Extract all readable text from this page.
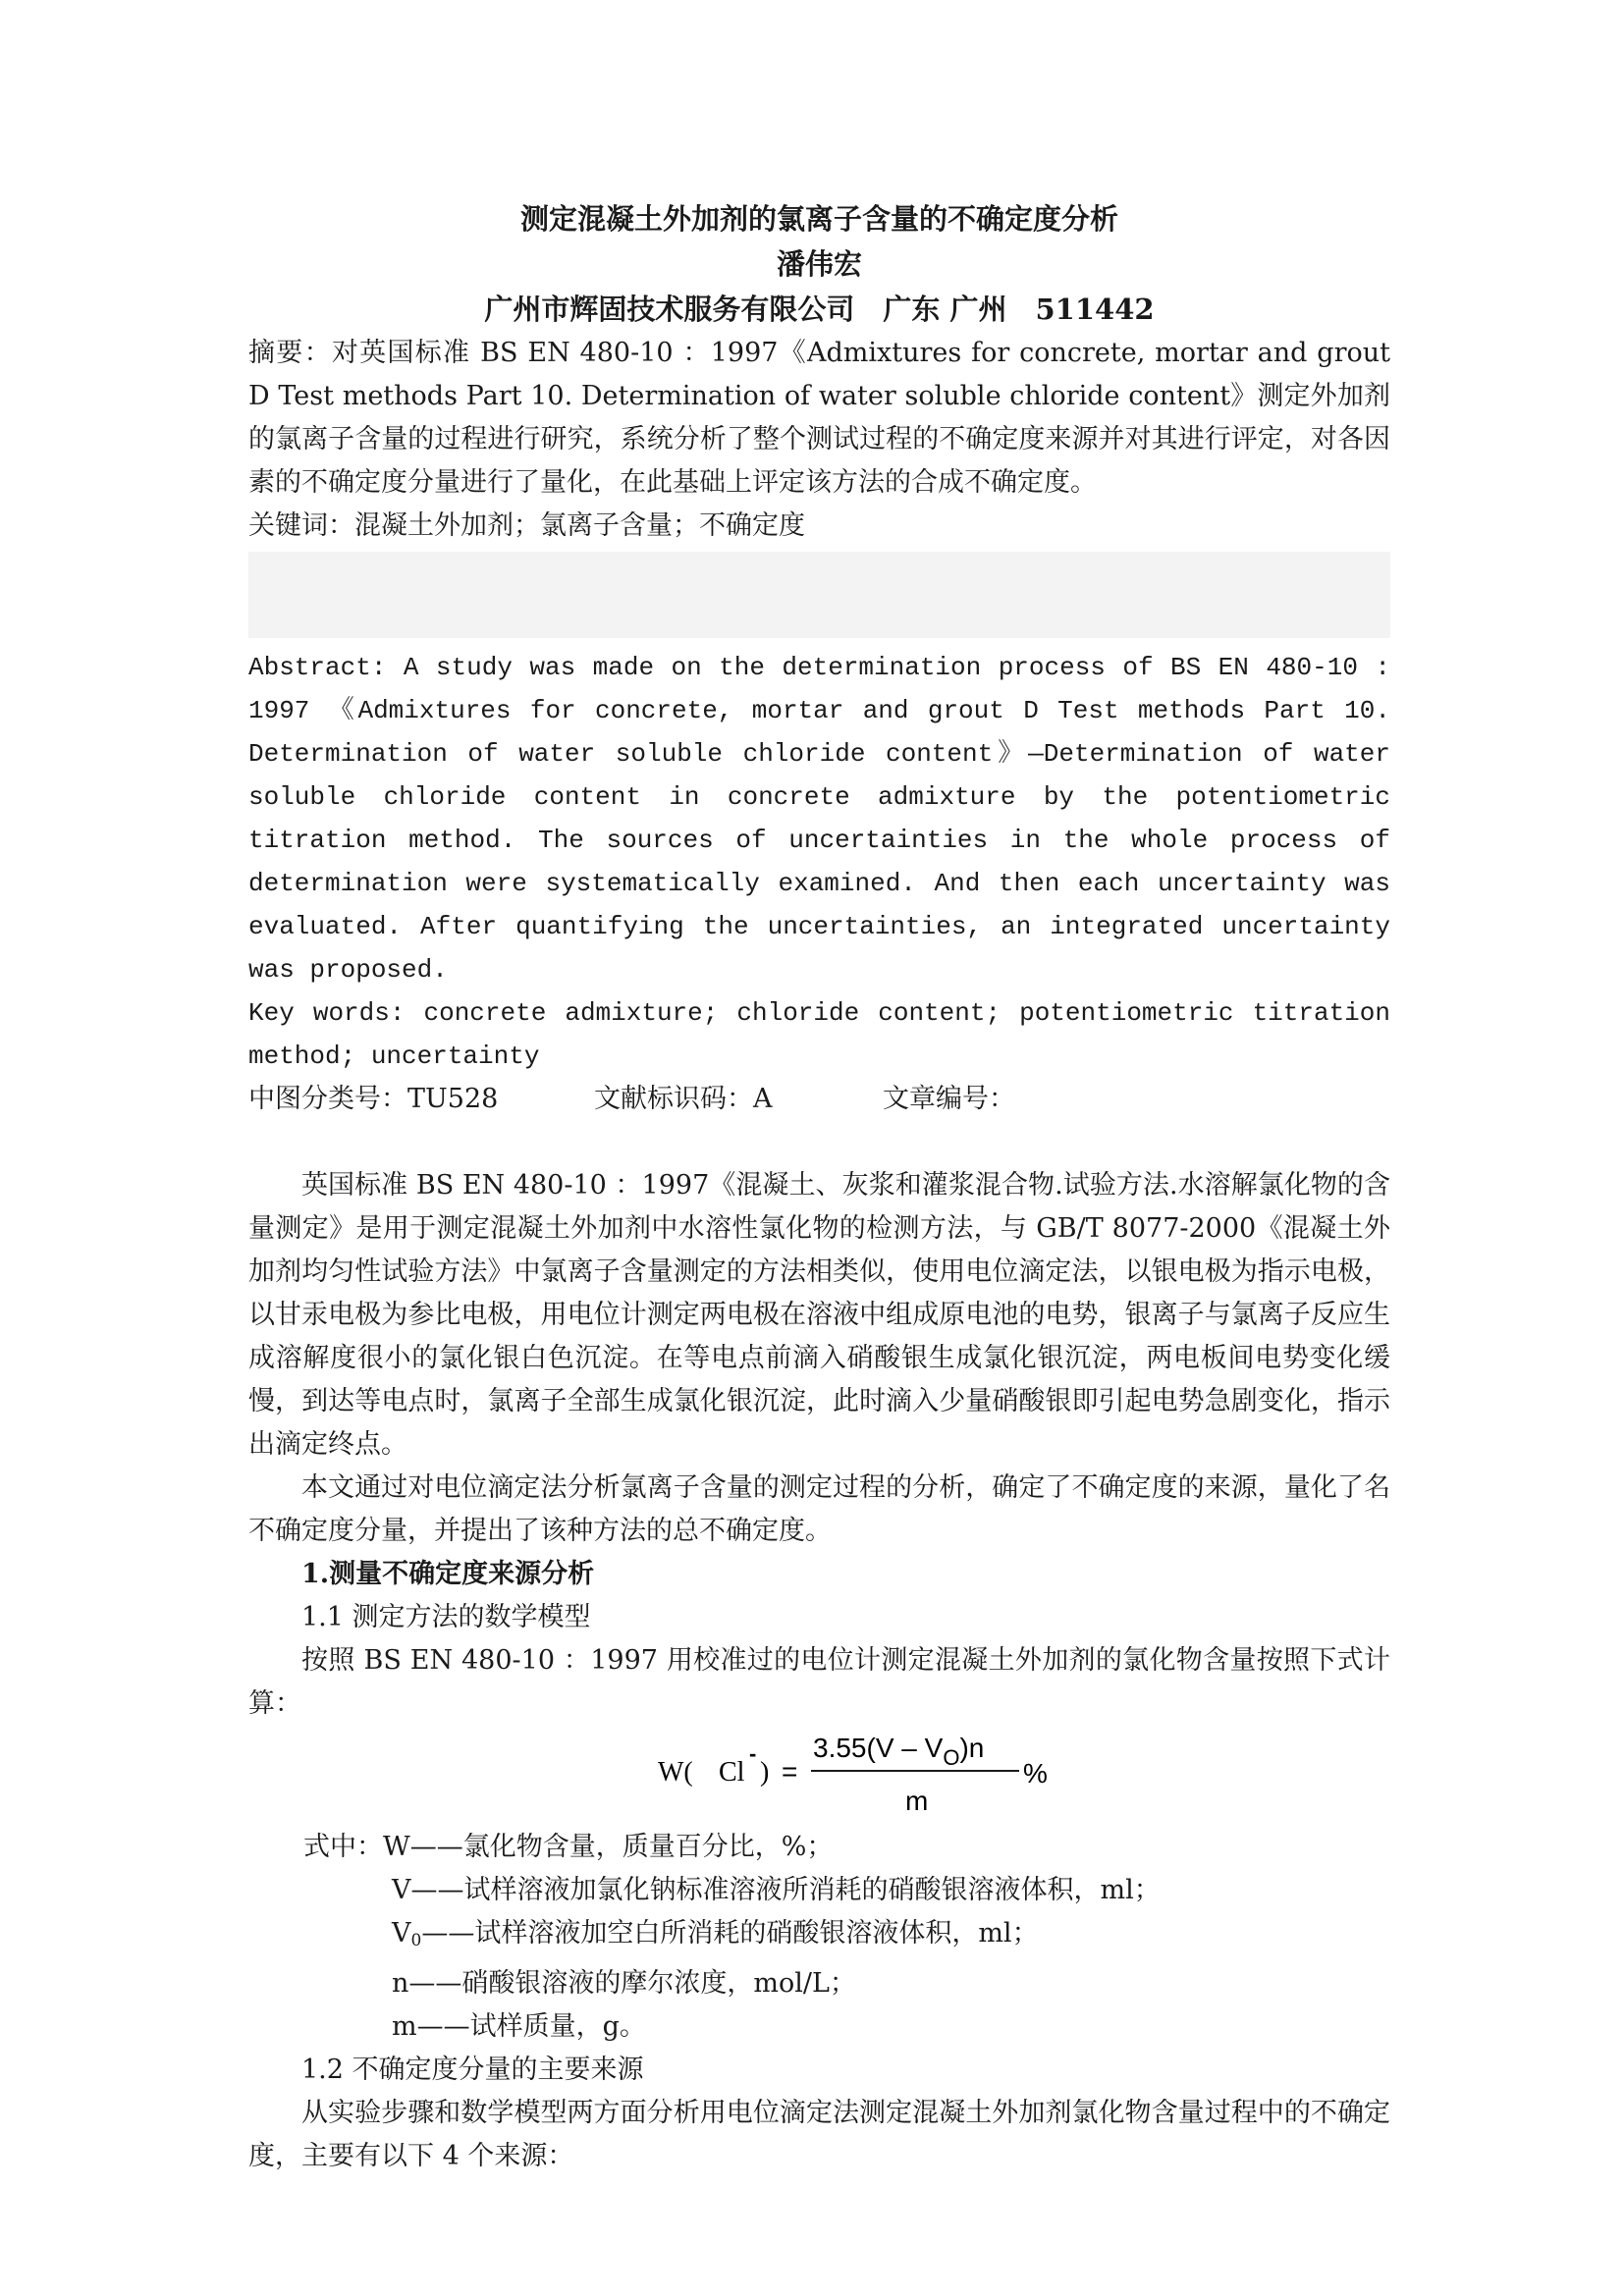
测定混凝土外加剂的氯离子含量的不确定度分析
潘伟宏
广州市辉固技术服务有限公司　广东 广州　511442

摘要：对英国标准 BS EN 480-10 ：1997《Admixtures for concrete, mortar and grout D Test methods Part 10. Determination of water soluble chloride content》测定外加剂的氯离子含量的过程进行研究，系统分析了整个测试过程的不确定度来源并对其进行评定，对各因素的不确定度分量进行了量化，在此基础上评定该方法的合成不确定度。

关键词：混凝土外加剂；氯离子含量；不确定度

Abstract: A study was made on the determination process of BS EN 480-10 : 1997 《Admixtures for concrete, mortar and grout D Test methods Part 10. Determination of water soluble chloride content》—Determination of water soluble chloride content in concrete admixture by the potentiometric titration method. The sources of uncertainties in the whole process of determination were systematically examined. And then each uncertainty was evaluated. After quantifying the uncertainties, an integrated uncertainty was proposed.

Key words: concrete admixture; chloride content; potentiometric titration method; uncertainty

中图分类号：TU528	文献标识码：A	文章编号：

英国标准 BS EN 480-10 ：1997《混凝土、灰浆和灌浆混合物.试验方法.水溶解氯化物的含量测定》是用于测定混凝土外加剂中水溶性氯化物的检测方法，与 GB/T 8077-2000《混凝土外加剂均匀性试验方法》中氯离子含量测定的方法相类似，使用电位滴定法，以银电极为指示电极，以甘汞电极为参比电极，用电位计测定两电极在溶液中组成原电池的电势，银离子与氯离子反应生成溶解度很小的氯化银白色沉淀。在等电点前滴入硝酸银生成氯化银沉淀，两电板间电势变化缓慢，到达等电点时，氯离子全部生成氯化银沉淀，此时滴入少量硝酸银即引起电势急剧变化，指示出滴定终点。

本文通过对电位滴定法分析氯离子含量的测定过程的分析，确定了不确定度的来源，量化了名不确定度分量，并提出了该种方法的总不确定度。

1.测量不确定度来源分析
1.1 测定方法的数学模型

按照 BS EN 480-10 ：1997 用校准过的电位计测定混凝土外加剂的氯化物含量按照下式计算：

W( Cl
-
) =
$3.55(V - V_O)n$
m
%
式中：W——氯化物含量，质量百分比，%；
V——试样溶液加氯化钠标准溶液所消耗的硝酸银溶液体积，ml；
V0——试样溶液加空白所消耗的硝酸银溶液体积，ml；
n——硝酸银溶液的摩尔浓度，mol/L；
m——试样质量，g。
1.2 不确定度分量的主要来源

从实验步骤和数学模型两方面分析用电位滴定法测定混凝土外加剂氯化物含量过程中的不确定度，主要有以下 4 个来源：
